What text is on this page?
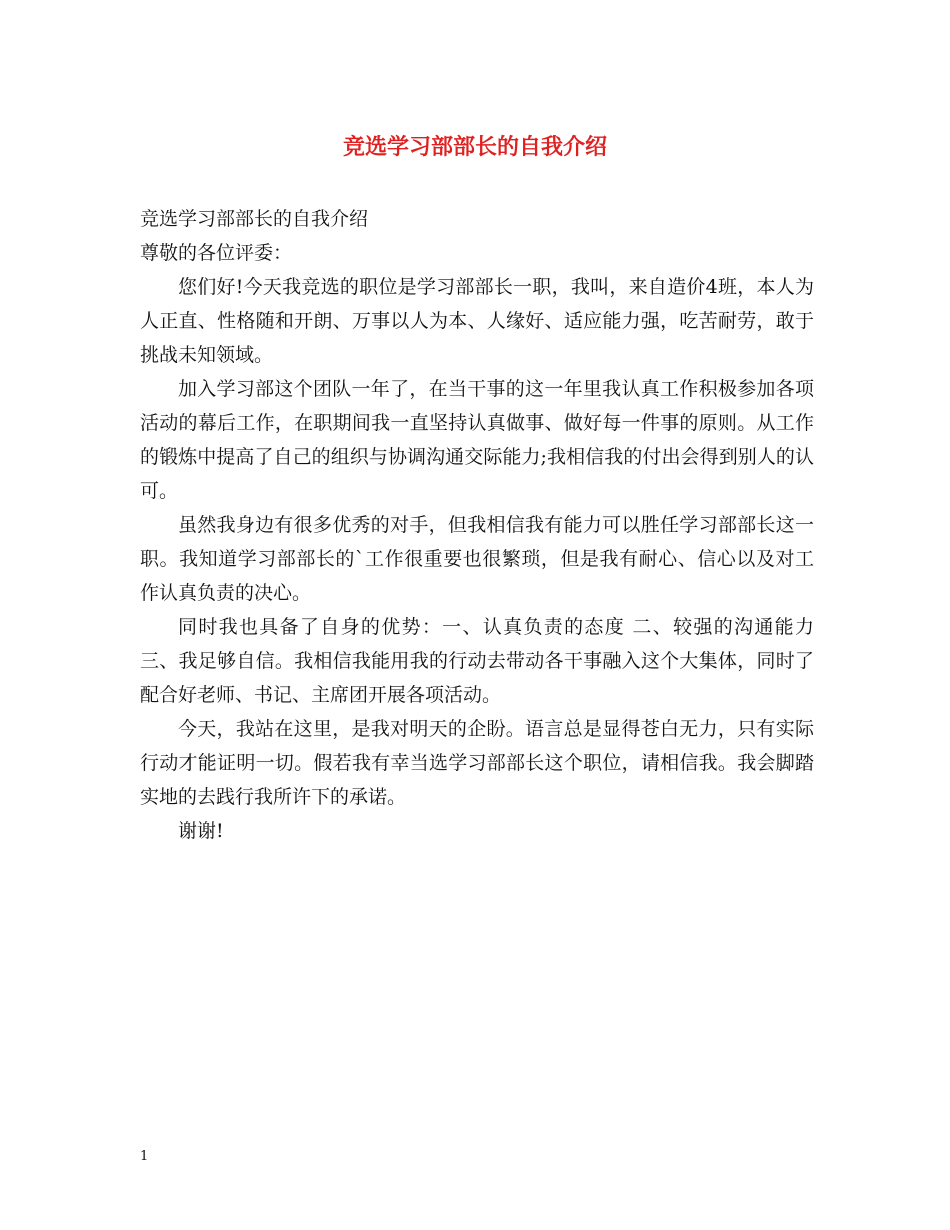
竞选学习部部长的自我介绍

竞选学习部部长的自我介绍

尊敬的各位评委：

您们好!今天我竞选的职位是学习部部长一职，我叫，来自造价4班，本人为人正直、性格随和开朗、万事以人为本、人缘好、适应能力强，吃苦耐劳，敢于挑战未知领域。

加入学习部这个团队一年了，在当干事的这一年里我认真工作积极参加各项活动的幕后工作，在职期间我一直坚持认真做事、做好每一件事的原则。从工作的锻炼中提高了自己的组织与协调沟通交际能力;我相信我的付出会得到别人的认可。

虽然我身边有很多优秀的对手，但我相信我有能力可以胜任学习部部长这一职。我知道学习部部长的`工作很重要也很繁琐，但是我有耐心、信心以及对工作认真负责的决心。

同时我也具备了自身的优势：一、认真负责的态度 二、较强的沟通能力 三、我足够自信。我相信我能用我的行动去带动各干事融入这个大集体，同时了配合好老师、书记、主席团开展各项活动。

今天，我站在这里，是我对明天的企盼。语言总是显得苍白无力，只有实际行动才能证明一切。假若我有幸当选学习部部长这个职位，请相信我。我会脚踏实地的去践行我所许下的承诺。

谢谢!

1
